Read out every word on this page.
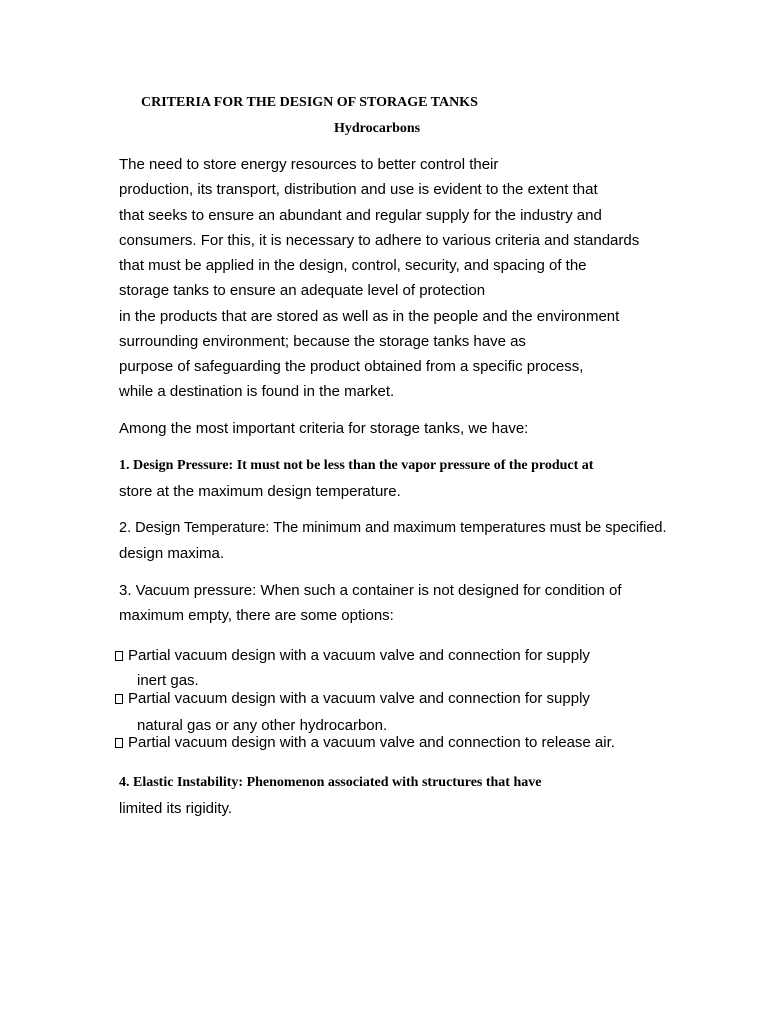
CRITERIA FOR THE DESIGN OF STORAGE TANKS
Hydrocarbons
The need to store energy resources to better control their
production, its transport, distribution and use is evident to the extent that
that seeks to ensure an abundant and regular supply for the industry and
consumers. For this, it is necessary to adhere to various criteria and standards
that must be applied in the design, control, security, and spacing of the
storage tanks to ensure an adequate level of protection
in the products that are stored as well as in the people and the environment
surrounding environment; because the storage tanks have as
purpose of safeguarding the product obtained from a specific process,
while a destination is found in the market.
Among the most important criteria for storage tanks, we have:
1. Design Pressure: It must not be less than the vapor pressure of the product at
store at the maximum design temperature.
2. Design Temperature: The minimum and maximum temperatures must be specified.
design maxima.
3. Vacuum pressure: When such a container is not designed for condition of
maximum empty, there are some options:
Partial vacuum design with a vacuum valve and connection for supply
inert gas.
Partial vacuum design with a vacuum valve and connection for supply
natural gas or any other hydrocarbon.
Partial vacuum design with a vacuum valve and connection to release air.
4. Elastic Instability: Phenomenon associated with structures that have
limited its rigidity.
